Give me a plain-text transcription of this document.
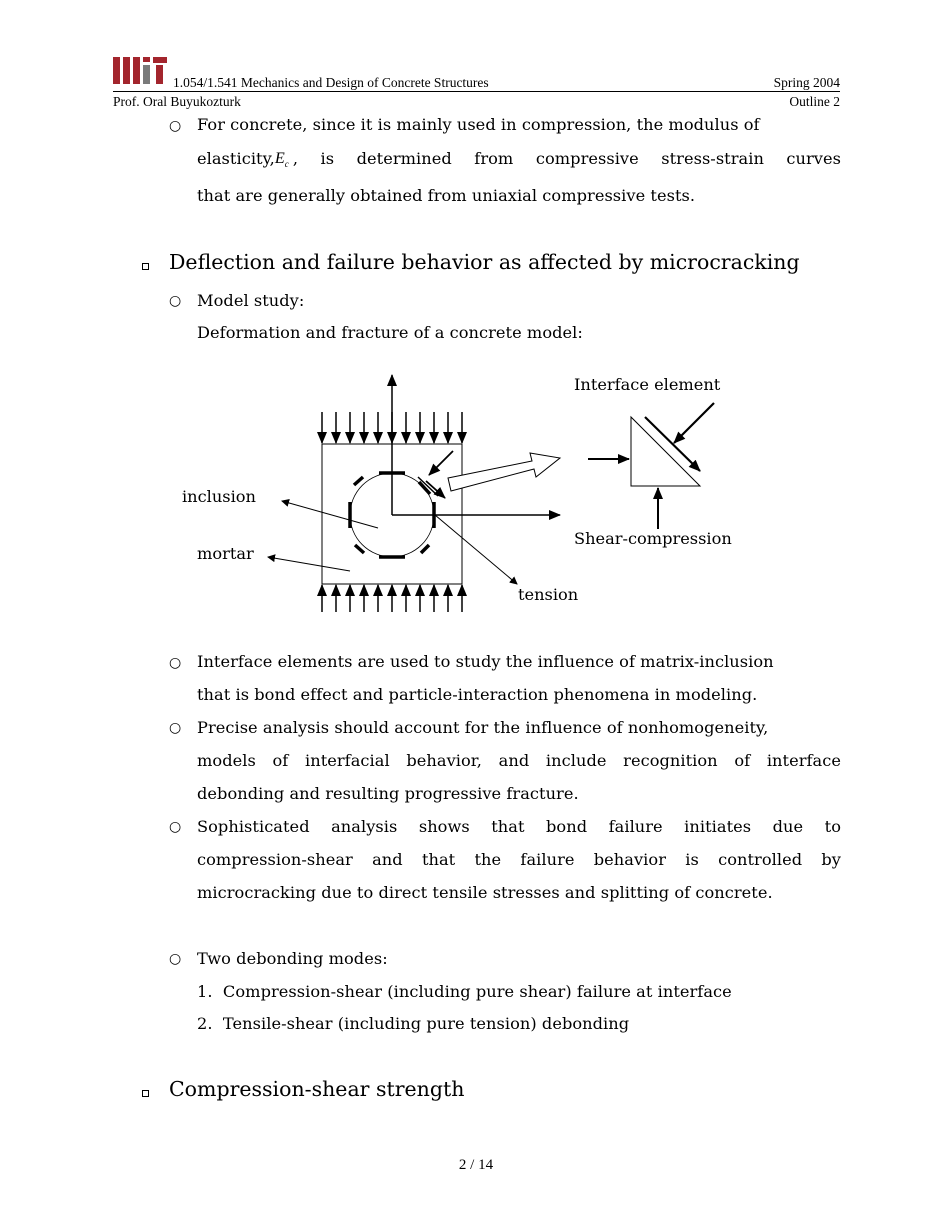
1.054/1.541 Mechanics and Design of Concrete Structures	Spring 2004
Prof. Oral Buyukozturk	Outline 2
○ For concrete, since it is mainly used in compression, the modulus of
elasticity, $E_c$ , is determined from compressive stress-strain curves
that are generally obtained from uniaxial compressive tests.
Deflection and failure behavior as affected by microcracking
○ Model study:
Deformation and fracture of a concrete model:
Interface element
inclusion
mortar
Shear-compression
tension
○ Interface elements are used to study the influence of matrix-inclusion
that is bond effect and particle-interaction phenomena in modeling.
○ Precise analysis should account for the influence of nonhomogeneity,
models of interfacial behavior, and include recognition of interface
debonding and resulting progressive fracture.
○ Sophisticated analysis shows that bond failure initiates due to
compression-shear and that the failure behavior is controlled by
microcracking due to direct tensile stresses and splitting of concrete.
○ Two debonding modes:
1.  Compression-shear (including pure shear) failure at interface
2.  Tensile-shear (including pure tension) debonding
Compression-shear strength
2 / 14
